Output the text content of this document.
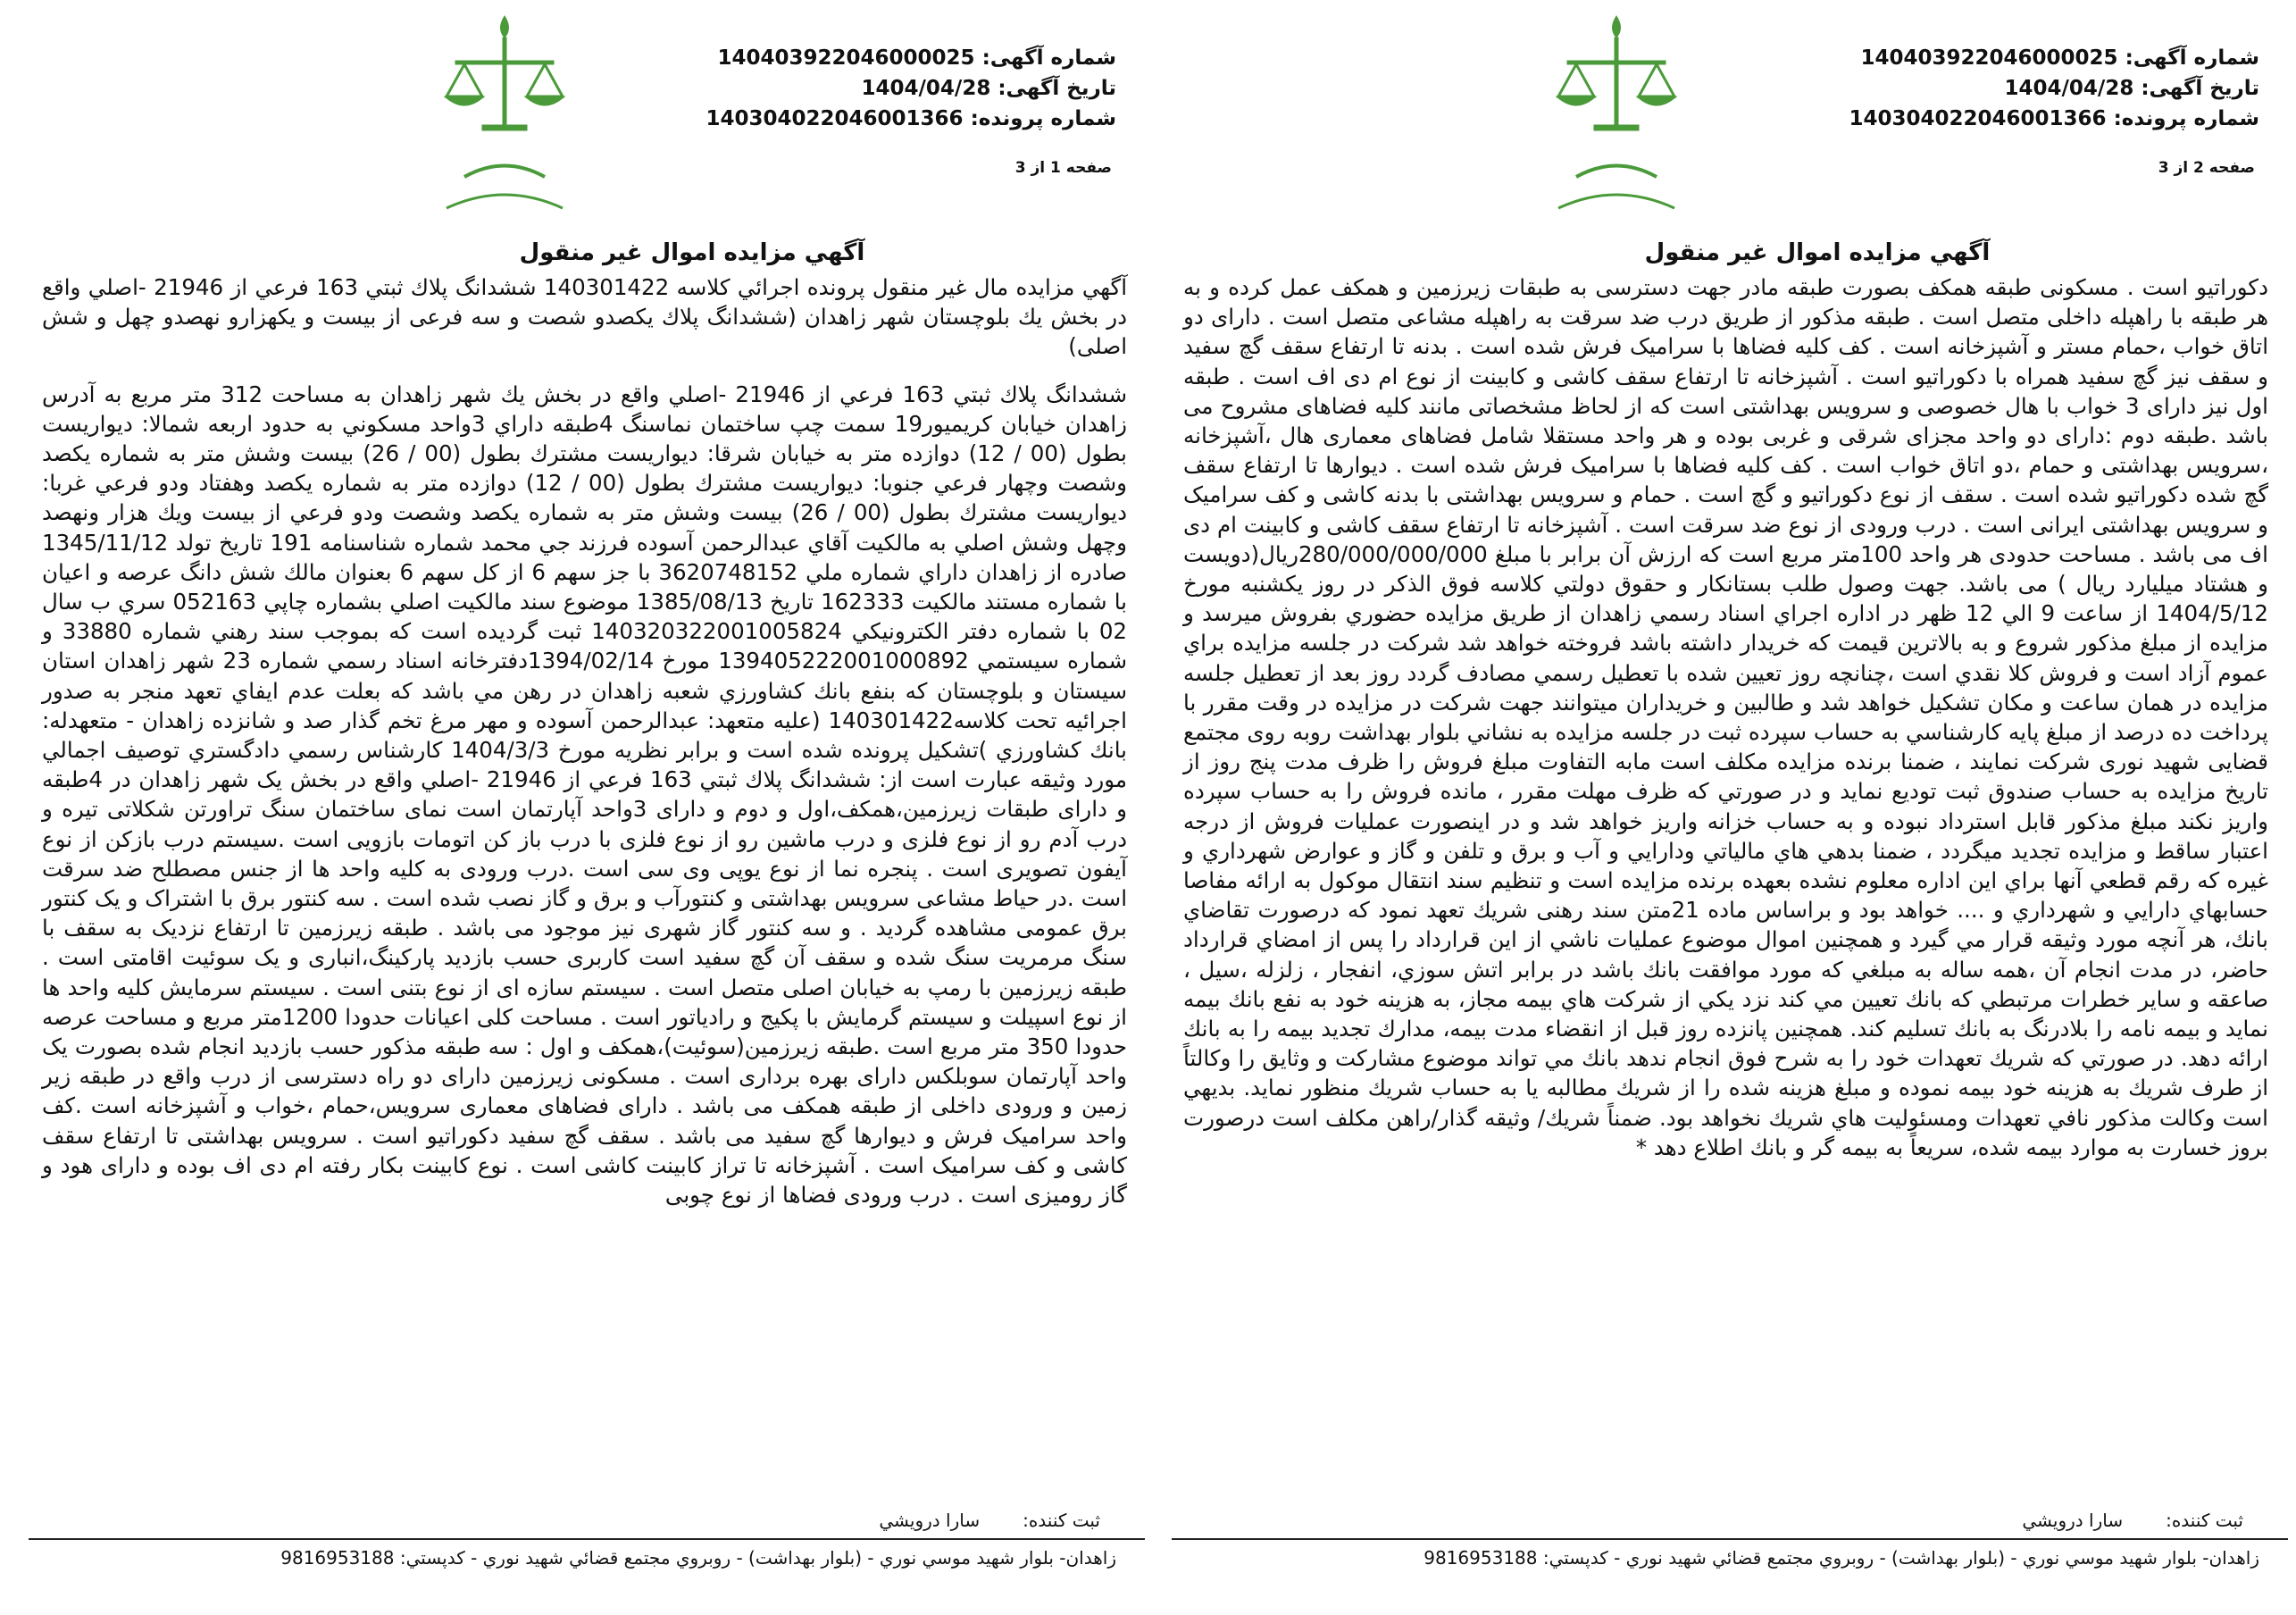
شماره آگهی: 140403922046000025
تاریخ آگهی: 1404/04/28
شماره پرونده: 140304022046001366
صفحه 1 از 3
آگهي مزايده اموال غير منقول

آگهي مزايده مال غير منقول پرونده اجرائي كلاسه 140301422 ششدانگ پلاك ثبتي 163 فرعي از 21946 -اصلي واقع در بخش يك بلوچستان شهر زاهدان (ششدانگ پلاك يكصدو شصت و سه فرعی از بيست و يكهزارو نهصدو چهل و شش اصلی)

ششدانگ پلاك ثبتي 163 فرعي از 21946 -اصلي واقع در بخش يك شهر زاهدان به مساحت 312 متر مربع به آدرس زاهدان خيابان كريميور19 سمت چپ ساختمان نماسنگ 4طبقه داراي 3واحد مسكوني به حدود اربعه شمالا: ديواريست بطول (00 / 12) دوازده متر به خيابان شرقا: ديواريست مشترك بطول (00 / 26) بيست وشش متر به شماره يكصد وشصت وچهار فرعي جنوبا: ديواريست مشترك بطول (00 / 12) دوازده متر به شماره يكصد وهفتاد ودو فرعي غربا: ديواريست مشترك بطول (00 / 26) بيست وشش متر به شماره يكصد وشصت ودو فرعي از بيست ويك هزار ونهصد وچهل وشش اصلي به مالكيت آقاي عبدالرحمن آسوده فرزند جي محمد شماره شناسنامه 191 تاريخ تولد 1345/11/12 صادره از زاهدان داراي شماره ملي 3620748152 با جز سهم 6 از كل سهم 6 بعنوان مالك شش دانگ عرصه و اعيان با شماره مستند مالكيت 162333 تاريخ 1385/08/13 موضوع سند مالكيت اصلي بشماره چاپي 052163 سري ب سال 02 با شماره دفتر الكترونيكي 140320322001005824 ثبت گرديده است كه بموجب سند رهني شماره 33880 و شماره سيستمي 139405222001000892 مورخ 1394/02/14دفترخانه اسناد رسمي شماره 23 شهر زاهدان استان سيستان و بلوچستان كه بنفع بانك كشاورزي شعبه زاهدان در رهن مي باشد كه بعلت عدم ايفاي تعهد منجر به صدور اجرائيه تحت كلاسه140301422 (عليه متعهد: عبدالرحمن آسوده و مهر مرغ تخم گذار صد و شانزده زاهدان - متعهدله: بانك كشاورزي )تشكيل پرونده شده است و برابر نظريه مورخ 1404/3/3 كارشناس رسمي دادگستري توصيف اجمالي مورد وثيقه عبارت است از: ششدانگ پلاك ثبتي 163 فرعي از 21946 -اصلي واقع در بخش يک شهر زاهدان در 4طبقه و داراى طبقات زيرزمين،همكف،اول و دوم و داراى 3واحد آپارتمان است نماى ساختمان سنگ تراورتن شكلاتى تيره و درب آدم رو از نوع فلزى و درب ماشين رو از نوع فلزى با درب باز كن اتومات بازويى است .سيستم درب بازكن از نوع آيفون تصويرى است . پنجره نما از نوع يوپى وى سى است .درب ورودى به كليه واحد ها از جنس مصطلح ضد سرقت است .در حياط مشاعى سرويس بهداشتى و كنتورآب و برق و گاز نصب شده است . سه كنتور برق با اشتراک و يک كنتور برق عمومى مشاهده گرديد . و سه كنتور گاز شهرى نيز موجود مى باشد . طبقه زيرزمين تا ارتفاع نزديک به سقف با سنگ مرمريت سنگ شده و سقف آن گچ سفيد است كاربرى حسب بازديد پاركينگ،انبارى و يک سوئيت اقامتى است . طبقه زيرزمين با رمپ به خيابان اصلى متصل است . سيستم سازه اى از نوع بتنى است . سيستم سرمايش كليه واحد ها از نوع اسپيلت و سيستم گرمايش با پكيج و رادياتور است . مساحت كلى اعيانات حدودا 1200متر مربع و مساحت عرصه حدودا 350 متر مربع است .طبقه زيرزمين(سوئيت)،همكف و اول : سه طبقه مذكور حسب بازديد انجام شده بصورت يک واحد آپارتمان سوبلكس داراى بهره بردارى است . مسكونى زيرزمين داراى دو راه دسترسى از درب واقع در طبقه زير زمين و ورودى داخلى از طبقه همكف مى باشد . داراى فضاهاى معمارى سرويس،حمام ،خواب و آشپزخانه است .كف واحد سراميک فرش و ديوارها گچ سفيد مى باشد . سقف گچ سفيد دكوراتيو است . سرويس بهداشتى تا ارتفاع سقف كاشى و كف سراميک است . آشپزخانه تا تراز كابينت كاشى است . نوع كابينت بكار رفته ام دى اف بوده و داراى هود و گاز روميزى است . درب ورودى فضاها از نوع چوبى

ثبت کننده:سارا درويشي
زاهدان- بلوار شهيد موسي نوري - (بلوار بهداشت) - روبروي مجتمع قضائي شهيد نوري - كدپستي: 9816953188
شماره آگهی: 140403922046000025
تاریخ آگهی: 1404/04/28
شماره پرونده: 140304022046001366
صفحه 2 از 3
آگهي مزايده اموال غير منقول

دكوراتيو است . مسكونى طبقه همكف بصورت طبقه مادر جهت دسترسى به طبقات زيرزمين و همكف عمل كرده و به هر طبقه با راهپله داخلى متصل است . طبقه مذكور از طريق درب ضد سرقت به راهپله مشاعى متصل است . داراى دو اتاق خواب ،حمام مستر و آشپزخانه است . كف كليه فضاها با سراميک فرش شده است . بدنه تا ارتفاع سقف گچ سفيد و سقف نيز گچ سفيد همراه با دكوراتيو است . آشپزخانه تا ارتفاع سقف كاشى و كابينت از نوع ام دى اف است . طبقه اول نيز داراى 3 خواب با هال خصوصى و سرويس بهداشتى است كه از لحاظ مشخصاتى مانند كليه فضاهاى مشروح مى باشد .طبقه دوم :داراى دو واحد مجزاى شرقى و غربى بوده و هر واحد مستقلا شامل فضاهاى معمارى هال ،آشپزخانه ،سرويس بهداشتى و حمام ،دو اتاق خواب است . كف كليه فضاها با سراميک فرش شده است . ديوارها تا ارتفاع سقف گچ شده دكوراتيو شده است . سقف از نوع دكوراتيو و گچ است . حمام و سرويس بهداشتى با بدنه كاشى و كف سراميک و سرويس بهداشتى ايرانى است . درب ورودى از نوع ضد سرقت است . آشپزخانه تا ارتفاع سقف كاشى و كابينت ام دى اف مى باشد . مساحت حدودى هر واحد 100متر مربع است كه ارزش آن برابر با مبلغ 280/000/000/000ريال(دويست و هشتاد ميليارد ريال ) مى باشد. جهت وصول طلب بستانكار و حقوق دولتي كلاسه فوق الذكر در روز يكشنبه مورخ 1404/5/12 از ساعت 9 الي 12 ظهر در اداره اجراي اسناد رسمي زاهدان از طريق مزايده حضوري بفروش ميرسد و مزايده از مبلغ مذكور شروع و به بالاترين قيمت كه خريدار داشته باشد فروخته خواهد شد شركت در جلسه مزايده براي عموم آزاد است و فروش كلا نقدي است ،چنانچه روز تعيين شده با تعطيل رسمي مصادف گردد روز بعد از تعطيل جلسه مزايده در همان ساعت و مكان تشكيل خواهد شد و طالبين و خريداران ميتوانند جهت شركت در مزايده در وقت مقرر با پرداخت ده درصد از مبلغ پايه كارشناسي به حساب سپرده ثبت در جلسه مزايده به نشاني بلوار بهداشت روبه روى مجتمع قضايى شهيد نورى شركت نمايند ، ضمنا برنده مزايده مكلف است مابه التفاوت مبلغ فروش را ظرف مدت پنج روز از تاريخ مزايده به حساب صندوق ثبت توديع نمايد و در صورتي كه ظرف مهلت مقرر ، مانده فروش را به حساب سپرده واريز نكند مبلغ مذكور قابل استرداد نبوده و به حساب خزانه واريز خواهد شد و در اينصورت عمليات فروش از درجه اعتبار ساقط و مزايده تجديد ميگردد ، ضمنا بدهي هاي مالياتي ودارايي و آب و برق و تلفن و گاز و عوارض شهرداري و غيره كه رقم قطعي آنها براي اين اداره معلوم نشده بعهده برنده مزايده است و تنظيم سند انتقال موكول به ارائه مفاصا حسابهاي دارايي و شهرداري و .... خواهد بود و براساس ماده 21متن سند رهنى شريك تعهد نمود كه درصورت تقاضاي بانك، هر آنچه مورد وثيقه قرار مي گيرد و همچنين اموال موضوع عمليات ناشي از اين قرارداد را پس از امضاي قرارداد حاضر، در مدت انجام آن ،همه ساله به مبلغي كه مورد موافقت بانك باشد در برابر اتش سوزي، انفجار ، زلزله ،سيل ، صاعقه و ساير خطرات مرتبطي كه بانك تعيين مي كند نزد يكي از شركت هاي بيمه مجاز، به هزينه خود به نفع بانك بيمه نمايد و بيمه نامه را بلادرنگ به بانك تسليم كند. همچنين پانزده روز قبل از انقضاء مدت بيمه، مدارك تجديد بيمه را به بانك ارائه دهد. در صورتي كه شريك تعهدات خود را به شرح فوق انجام ندهد بانك مي تواند موضوع مشاركت و وثايق را وكالتاً از طرف شريك به هزينه خود بيمه نموده و مبلغ هزينه شده را از شريك مطالبه يا به حساب شريك منظور نمايد. بديهي است وكالت مذكور نافي تعهدات ومسئوليت هاي شريك نخواهد بود. ضمناً شريك/ وثيقه گذار/راهن مكلف است درصورت بروز خسارت به موارد بيمه شده، سريعاً به بيمه گر و بانك اطلاع دهد *

ثبت کننده:سارا درويشي
زاهدان- بلوار شهيد موسي نوري - (بلوار بهداشت) - روبروي مجتمع قضائي شهيد نوري - كدپستي: 9816953188
